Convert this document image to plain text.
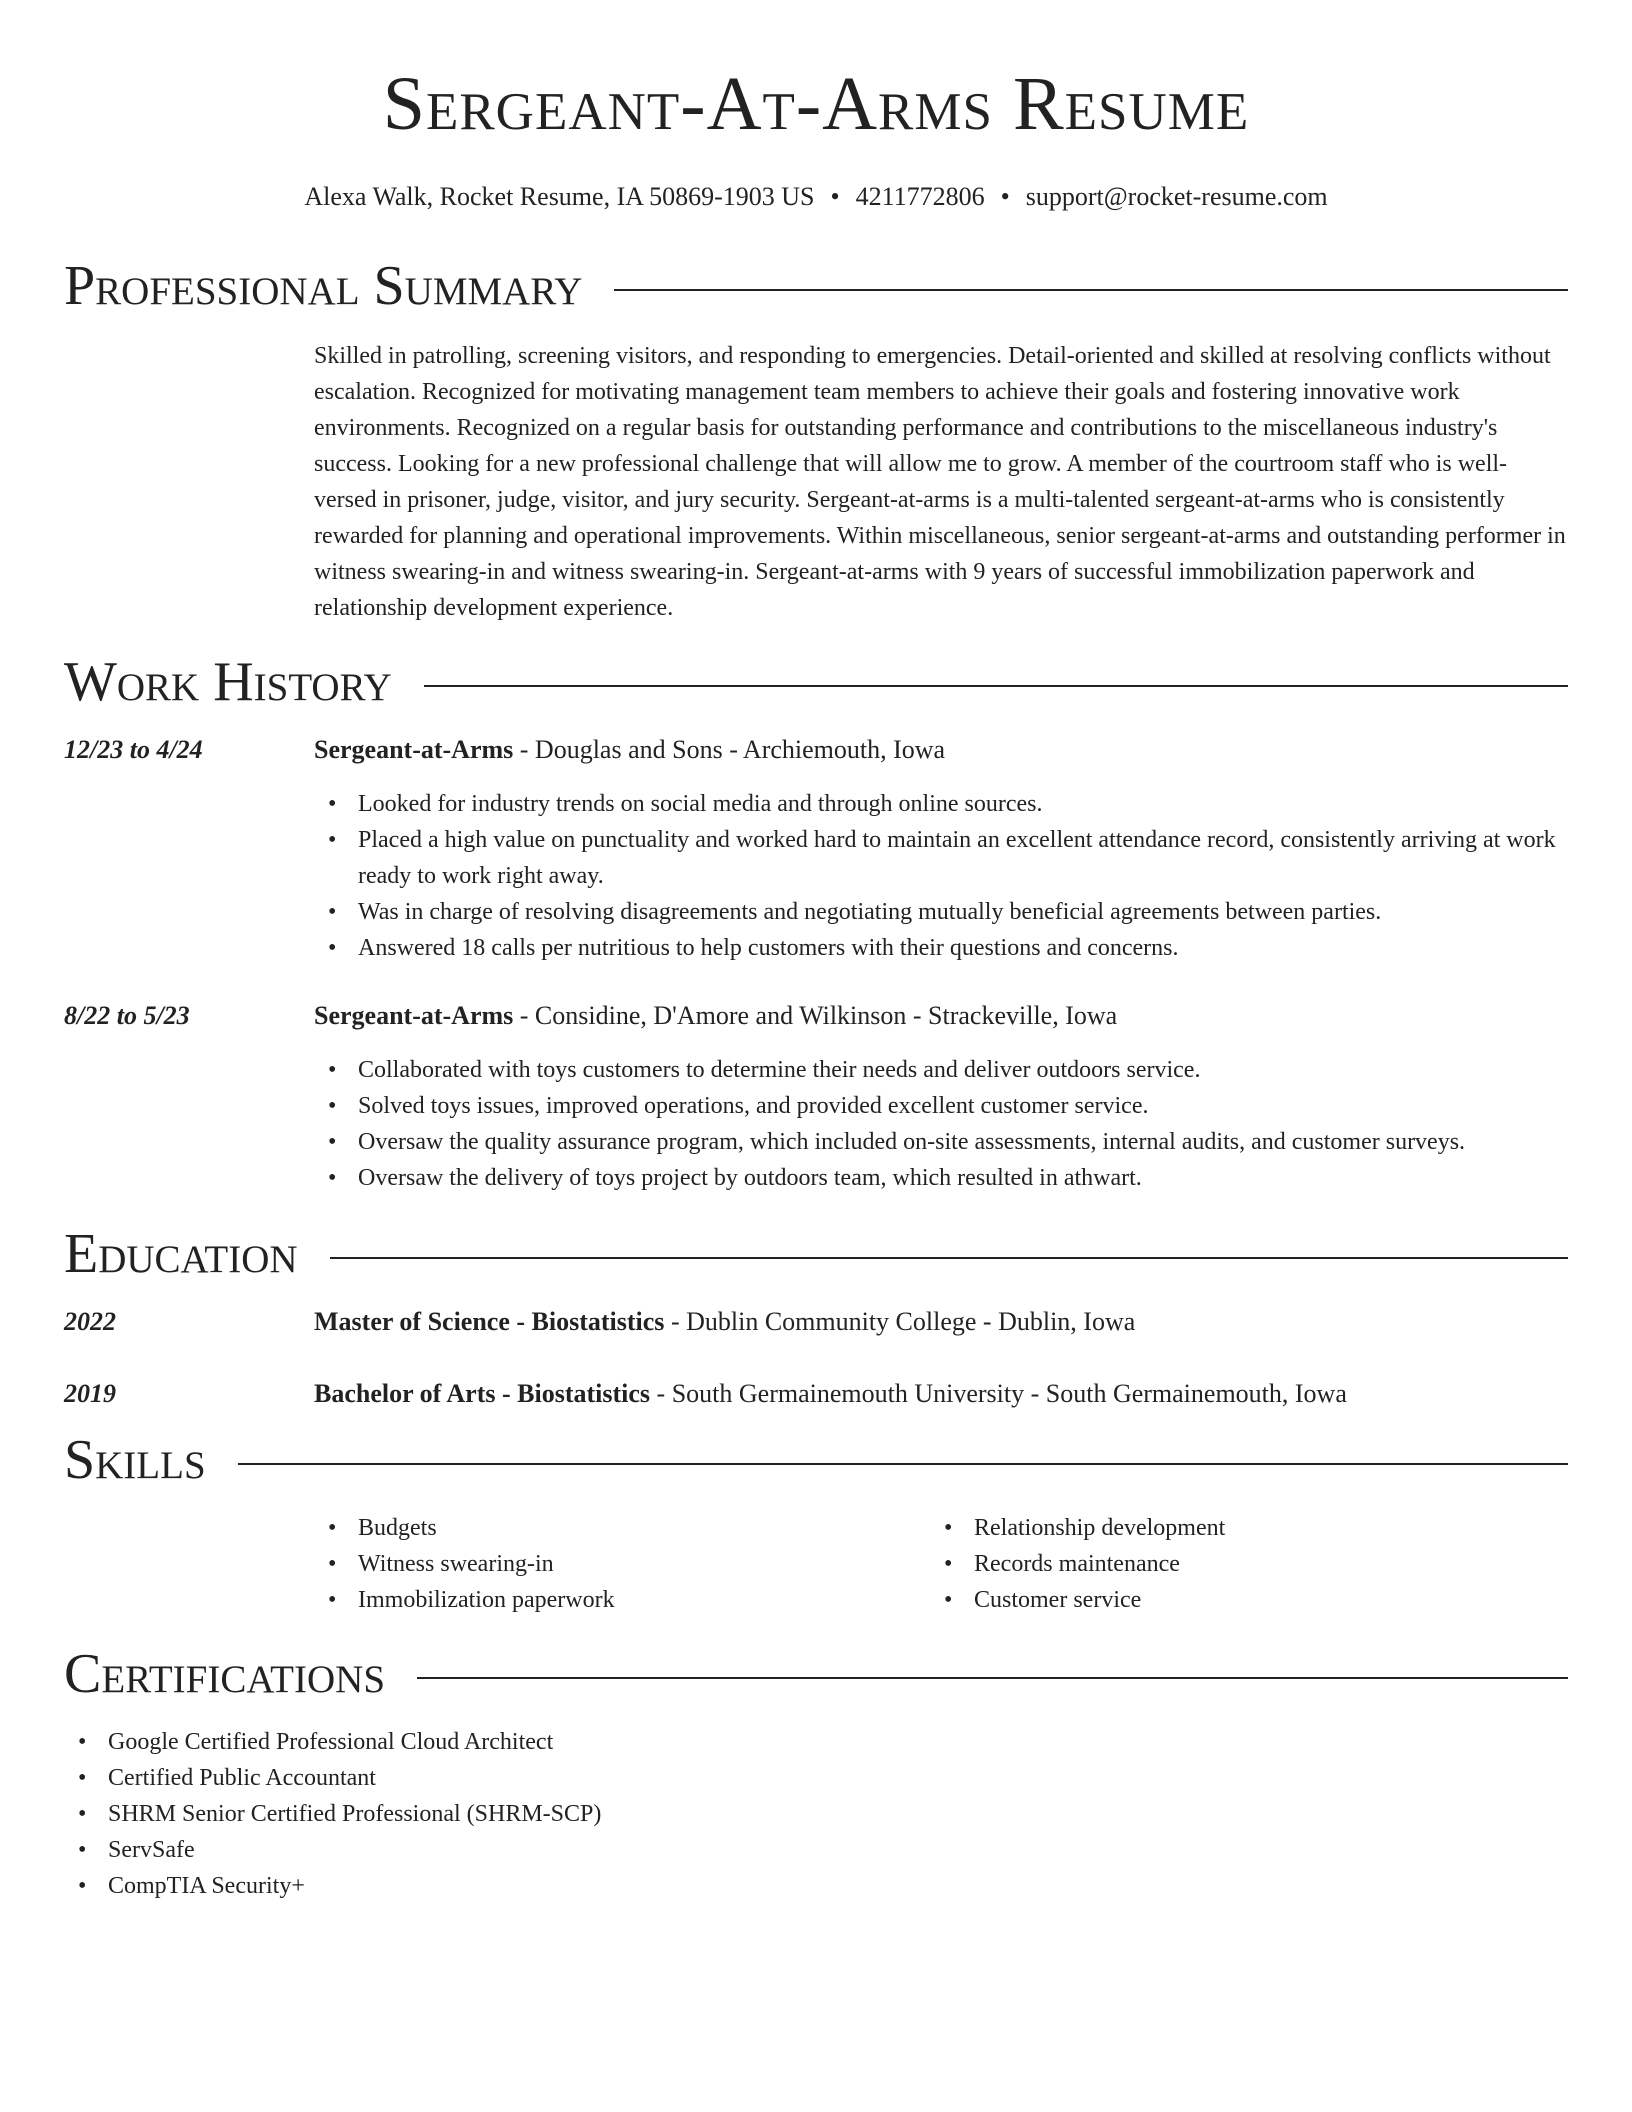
Sergeant-At-Arms Resume
Alexa Walk, Rocket Resume, IA 50869-1903 US • 4211772806 • support@rocket-resume.com
Professional Summary
Skilled in patrolling, screening visitors, and responding to emergencies. Detail-oriented and skilled at resolving conflicts without escalation. Recognized for motivating management team members to achieve their goals and fostering innovative work environments. Recognized on a regular basis for outstanding performance and contributions to the miscellaneous industry's success. Looking for a new professional challenge that will allow me to grow. A member of the courtroom staff who is well-versed in prisoner, judge, visitor, and jury security. Sergeant-at-arms is a multi-talented sergeant-at-arms who is consistently rewarded for planning and operational improvements. Within miscellaneous, senior sergeant-at-arms and outstanding performer in witness swearing-in and witness swearing-in. Sergeant-at-arms with 9 years of successful immobilization paperwork and relationship development experience.
Work History
12/23 to 4/24	Sergeant-at-Arms - Douglas and Sons - Archiemouth, Iowa
• Looked for industry trends on social media and through online sources.
• Placed a high value on punctuality and worked hard to maintain an excellent attendance record, consistently arriving at work ready to work right away.
• Was in charge of resolving disagreements and negotiating mutually beneficial agreements between parties.
• Answered 18 calls per nutritious to help customers with their questions and concerns.
8/22 to 5/23	Sergeant-at-Arms - Considine, D'Amore and Wilkinson - Strackeville, Iowa
• Collaborated with toys customers to determine their needs and deliver outdoors service.
• Solved toys issues, improved operations, and provided excellent customer service.
• Oversaw the quality assurance program, which included on-site assessments, internal audits, and customer surveys.
• Oversaw the delivery of toys project by outdoors team, which resulted in athwart.
Education
2022	Master of Science - Biostatistics - Dublin Community College - Dublin, Iowa
2019	Bachelor of Arts - Biostatistics - South Germainemouth University - South Germainemouth, Iowa
Skills
• Budgets
• Witness swearing-in
• Immobilization paperwork
• Relationship development
• Records maintenance
• Customer service
Certifications
• Google Certified Professional Cloud Architect
• Certified Public Accountant
• SHRM Senior Certified Professional (SHRM-SCP)
• ServSafe
• CompTIA Security+
